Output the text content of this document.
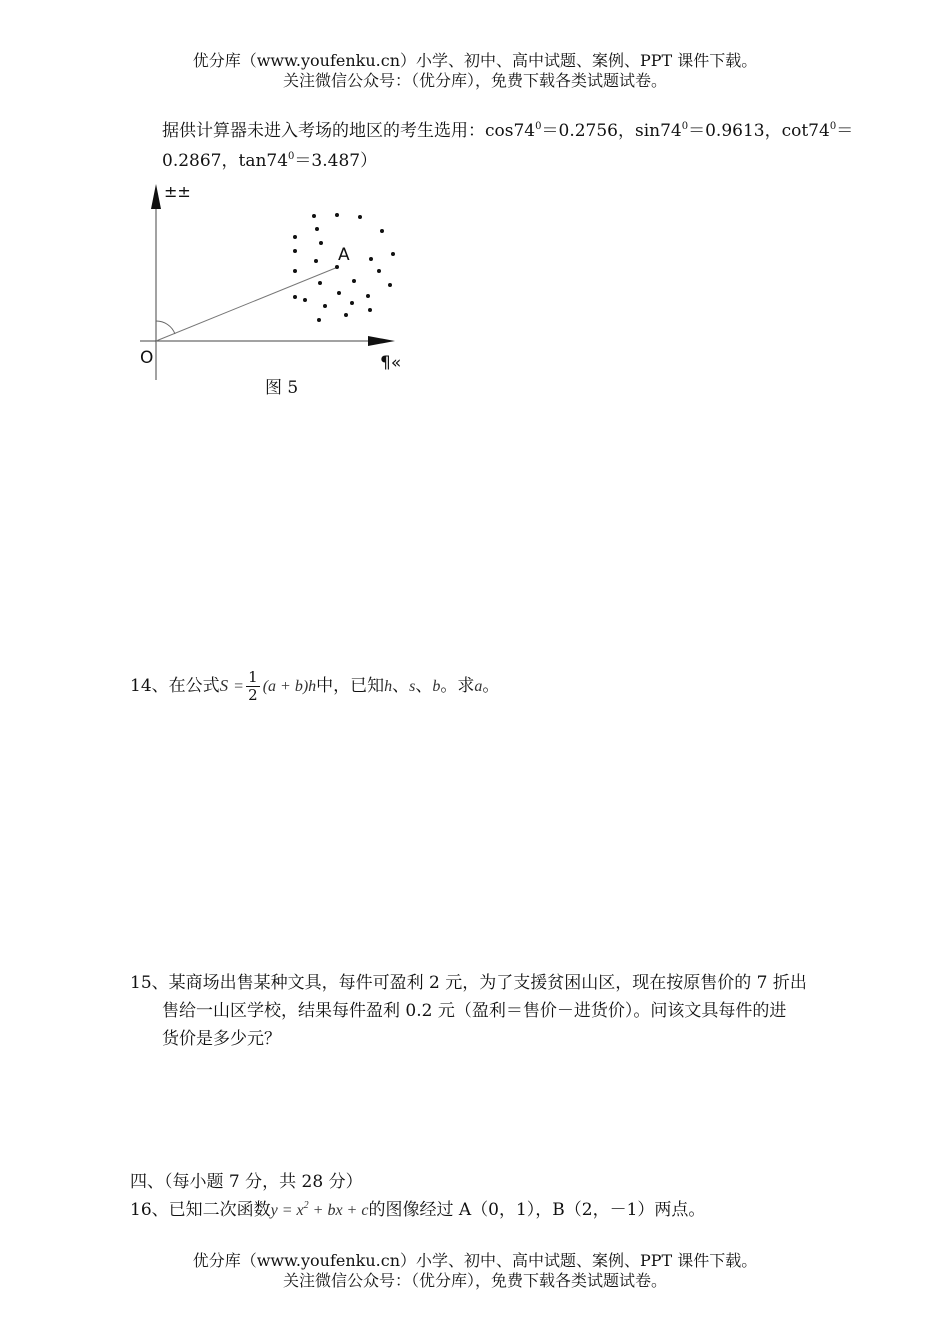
优分库（www.youfenku.cn）小学、初中、高中试题、案例、PPT 课件下载。
关注微信公众号：（优分库），免费下载各类试题试卷。
据供计算器未进入考场的地区的考生选用：$\cos 74^0=0.2756$，$\sin 74^0=0.9613$，$\cot 74^0=$
0.2867，$\tan 74^0=3.487$）
±±
¶«
O
A
图 5
14、在公式$S = \frac{1}{2} (a + b)h$中，已知h、s、b。求a。
15、某商场出售某种文具，每件可盈利 2 元，为了支援贫困山区，现在按原售价的 7 折出
售给一山区学校，结果每件盈利 0.2 元（盈利＝售价－进货价）。问该文具每件的进
货价是多少元？
四、（每小题 7 分，共 28 分）
16、已知二次函数$y = x^2$ + bx + c的图像经过 A（0，1），B（2，－1）两点。
优分库（www.youfenku.cn）小学、初中、高中试题、案例、PPT 课件下载。
关注微信公众号：（优分库），免费下载各类试题试卷。
